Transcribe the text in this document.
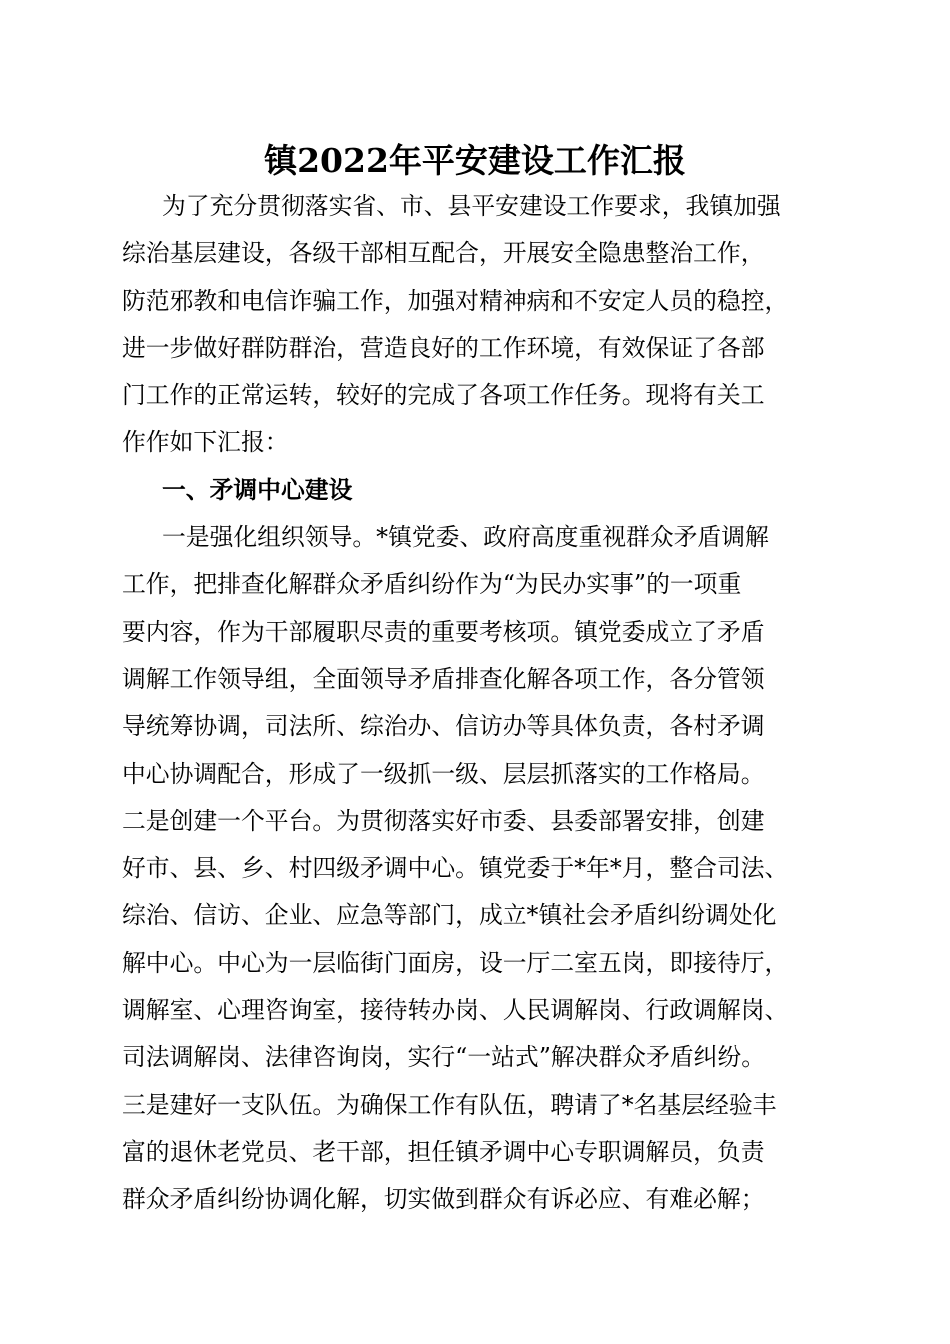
镇2022年平安建设工作汇报
为了充分贯彻落实省、市、县平安建设工作要求，我镇加强
综治基层建设，各级干部相互配合，开展安全隐患整治工作，
防范邪教和电信诈骗工作，加强对精神病和不安定人员的稳控，
进一步做好群防群治，营造良好的工作环境，有效保证了各部
门工作的正常运转，较好的完成了各项工作任务。现将有关工
作作如下汇报：
一、矛调中心建设
一是强化组织领导。*镇党委、政府高度重视群众矛盾调解
工作，把排查化解群众矛盾纠纷作为“为民办实事”的一项重
要内容，作为干部履职尽责的重要考核项。镇党委成立了矛盾
调解工作领导组，全面领导矛盾排查化解各项工作，各分管领
导统筹协调，司法所、综治办、信访办等具体负责，各村矛调
中心协调配合，形成了一级抓一级、层层抓落实的工作格局。
二是创建一个平台。为贯彻落实好市委、县委部署安排，创建
好市、县、乡、村四级矛调中心。镇党委于*年*月，整合司法、
综治、信访、企业、应急等部门，成立*镇社会矛盾纠纷调处化
解中心。中心为一层临街门面房，设一厅二室五岗，即接待厅，
调解室、心理咨询室，接待转办岗、人民调解岗、行政调解岗、
司法调解岗、法律咨询岗，实行“一站式”解决群众矛盾纠纷。
三是建好一支队伍。为确保工作有队伍，聘请了*名基层经验丰
富的退休老党员、老干部，担任镇矛调中心专职调解员，负责
群众矛盾纠纷协调化解，切实做到群众有诉必应、有难必解；
